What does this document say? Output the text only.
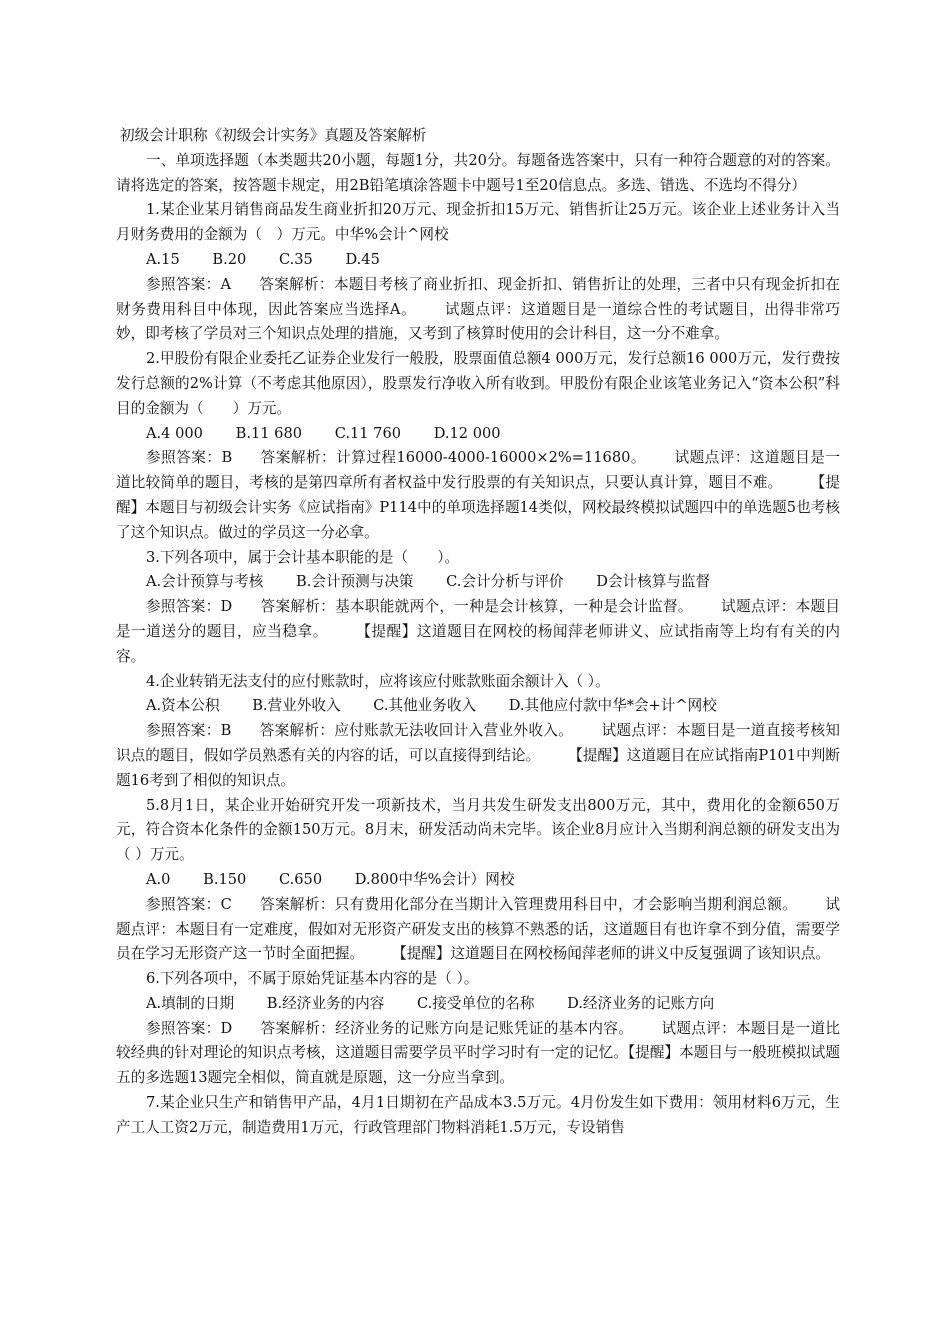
初级会计职称《初级会计实务》真题及答案解析

一、单项选择题（本类题共20小题，每题1分，共20分。每题备选答案中，只有一种符合题意的对的答案。请将选定的答案，按答题卡规定，用2B铅笔填涂答题卡中题号1至20信息点。多选、错选、不选均不得分）

1.某企业某月销售商品发生商业折扣20万元、现金折扣15万元、销售折让25万元。该企业上述业务计入当月财务费用的金额为（　）万元。中华%会计^网校

A.15 B.20 C.35 D.45

参照答案：A 答案解析：本题目考核了商业折扣、现金折扣、销售折让的处理，三者中只有现金折扣在财务费用科目中体现，因此答案应当选择A。 试题点评：这道题目是一道综合性的考试题目，出得非常巧妙，即考核了学员对三个知识点处理的措施，又考到了核算时使用的会计科目，这一分不难拿。

2.甲股份有限企业委托乙证券企业发行一般股，股票面值总额4 000万元，发行总额16 000万元，发行费按发行总额的2%计算（不考虑其他原因），股票发行净收入所有收到。甲股份有限企业该笔业务记入“资本公积”科目的金额为（　　）万元。

A.4 000 B.11 680 C.11 760 D.12 000

参照答案：B 答案解析：计算过程16000-4000-16000×2%=11680。 试题点评：这道题目是一道比较简单的题目，考核的是第四章所有者权益中发行股票的有关知识点，只要认真计算，题目不难。 【提醒】本题目与初级会计实务《应试指南》P114中的单项选择题14类似，网校最终模拟试题四中的单选题5也考核了这个知识点。做过的学员这一分必拿。

3.下列各项中，属于会计基本职能的是（　　）。

A.会计预算与考核 B.会计预测与决策 C.会计分析与评价 D会计核算与监督

参照答案：D 答案解析：基本职能就两个，一种是会计核算，一种是会计监督。 试题点评：本题目是一道送分的题目，应当稳拿。 【提醒】这道题目在网校的杨闻萍老师讲义、应试指南等上均有有关的内容。

4.企业转销无法支付的应付账款时，应将该应付账款账面余额计入（ ）。

A.资本公积 B.营业外收入 C.其他业务收入 D.其他应付款中华*会+计^网校

参照答案：B 答案解析：应付账款无法收回计入营业外收入。 试题点评：本题目是一道直接考核知识点的题目，假如学员熟悉有关的内容的话，可以直接得到结论。 【提醒】这道题目在应试指南P101中判断题16考到了相似的知识点。

5.8月1日，某企业开始研究开发一项新技术，当月共发生研发支出800万元，其中，费用化的金额650万元，符合资本化条件的金额150万元。8月末，研发活动尚未完毕。该企业8月应计入当期利润总额的研发支出为（ ）万元。

A.0 B.150 C.650 D.800中华%会计）网校

参照答案：C 答案解析：只有费用化部分在当期计入管理费用科目中，才会影响当期利润总额。 试题点评：本题目有一定难度，假如对无形资产研发支出的核算不熟悉的话，这道题目有也许拿不到分值，需要学员在学习无形资产这一节时全面把握。 【提醒】这道题目在网校杨闻萍老师的讲义中反复强调了该知识点。

6.下列各项中，不属于原始凭证基本内容的是（ ）。

A.填制的日期 B.经济业务的内容 C.接受单位的名称 D.经济业务的记账方向

参照答案：D 答案解析：经济业务的记账方向是记账凭证的基本内容。 试题点评：本题目是一道比较经典的针对理论的知识点考核，这道题目需要学员平时学习时有一定的记忆。【提醒】本题目与一般班模拟试题五的多选题13题完全相似，简直就是原题，这一分应当拿到。

7.某企业只生产和销售甲产品，4月1日期初在产品成本3.5万元。4月份发生如下费用：领用材料6万元，生产工人工资2万元，制造费用1万元，行政管理部门物料消耗1.5万元，专设销售
